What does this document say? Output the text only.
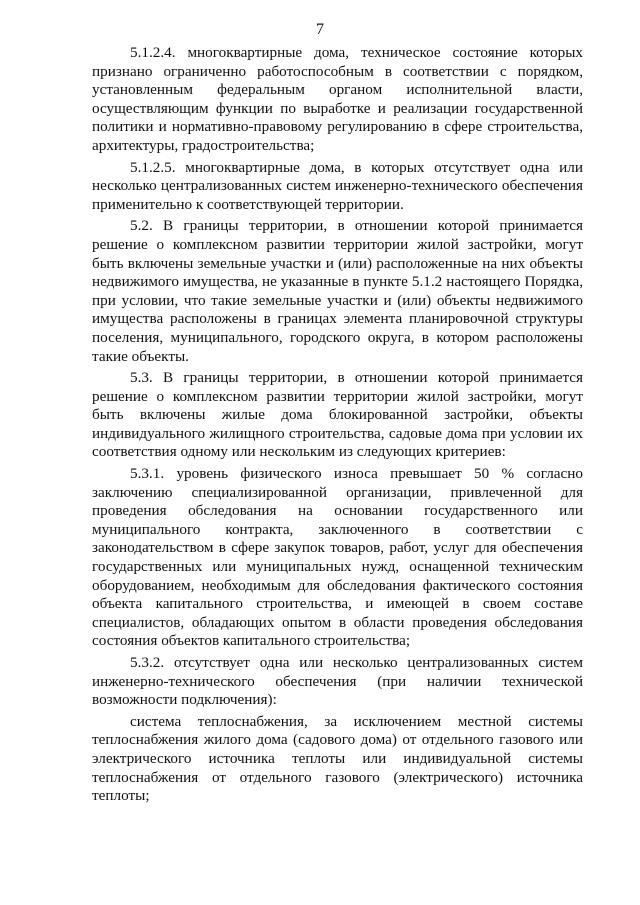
7

5.1.2.4. многоквартирные дома, техническое состояние которых признано ограниченно работоспособным в соответствии с порядком, установленным федеральным органом исполнительной власти, осуществляющим функции по выработке и реализации государственной политики и нормативно-правовому регулированию в сфере строительства, архитектуры, градостроительства;

5.1.2.5. многоквартирные дома, в которых отсутствует одна или несколько централизованных систем инженерно-технического обеспечения применительно к соответствующей территории.

5.2. В границы территории, в отношении которой принимается решение о комплексном развитии территории жилой застройки, могут быть включены земельные участки и (или) расположенные на них объекты недвижимого имущества, не указанные в пункте 5.1.2 настоящего Порядка, при условии, что такие земельные участки и (или) объекты недвижимого имущества расположены в границах элемента планировочной структуры поселения, муниципального, городского округа, в котором расположены такие объекты.

5.3. В границы территории, в отношении которой принимается решение о комплексном развитии территории жилой застройки, могут быть включены жилые дома блокированной застройки, объекты индивидуального жилищного строительства, садовые дома при условии их соответствия одному или нескольким из следующих критериев:

5.3.1. уровень физического износа превышает 50 % согласно заключению специализированной организации, привлеченной для проведения обследования на основании государственного или муниципального контракта, заключенного в соответствии с законодательством в сфере закупок товаров, работ, услуг для обеспечения государственных или муниципальных нужд, оснащенной техническим оборудованием, необходимым для обследования фактического состояния объекта капитального строительства, и имеющей в своем составе специалистов, обладающих опытом в области проведения обследования состояния объектов капитального строительства;

5.3.2. отсутствует одна или несколько централизованных систем инженерно-технического обеспечения (при наличии технической возможности подключения):

система теплоснабжения, за исключением местной системы теплоснабжения жилого дома (садового дома) от отдельного газового или электрического источника теплоты или индивидуальной системы теплоснабжения от отдельного газового (электрического) источника теплоты;
